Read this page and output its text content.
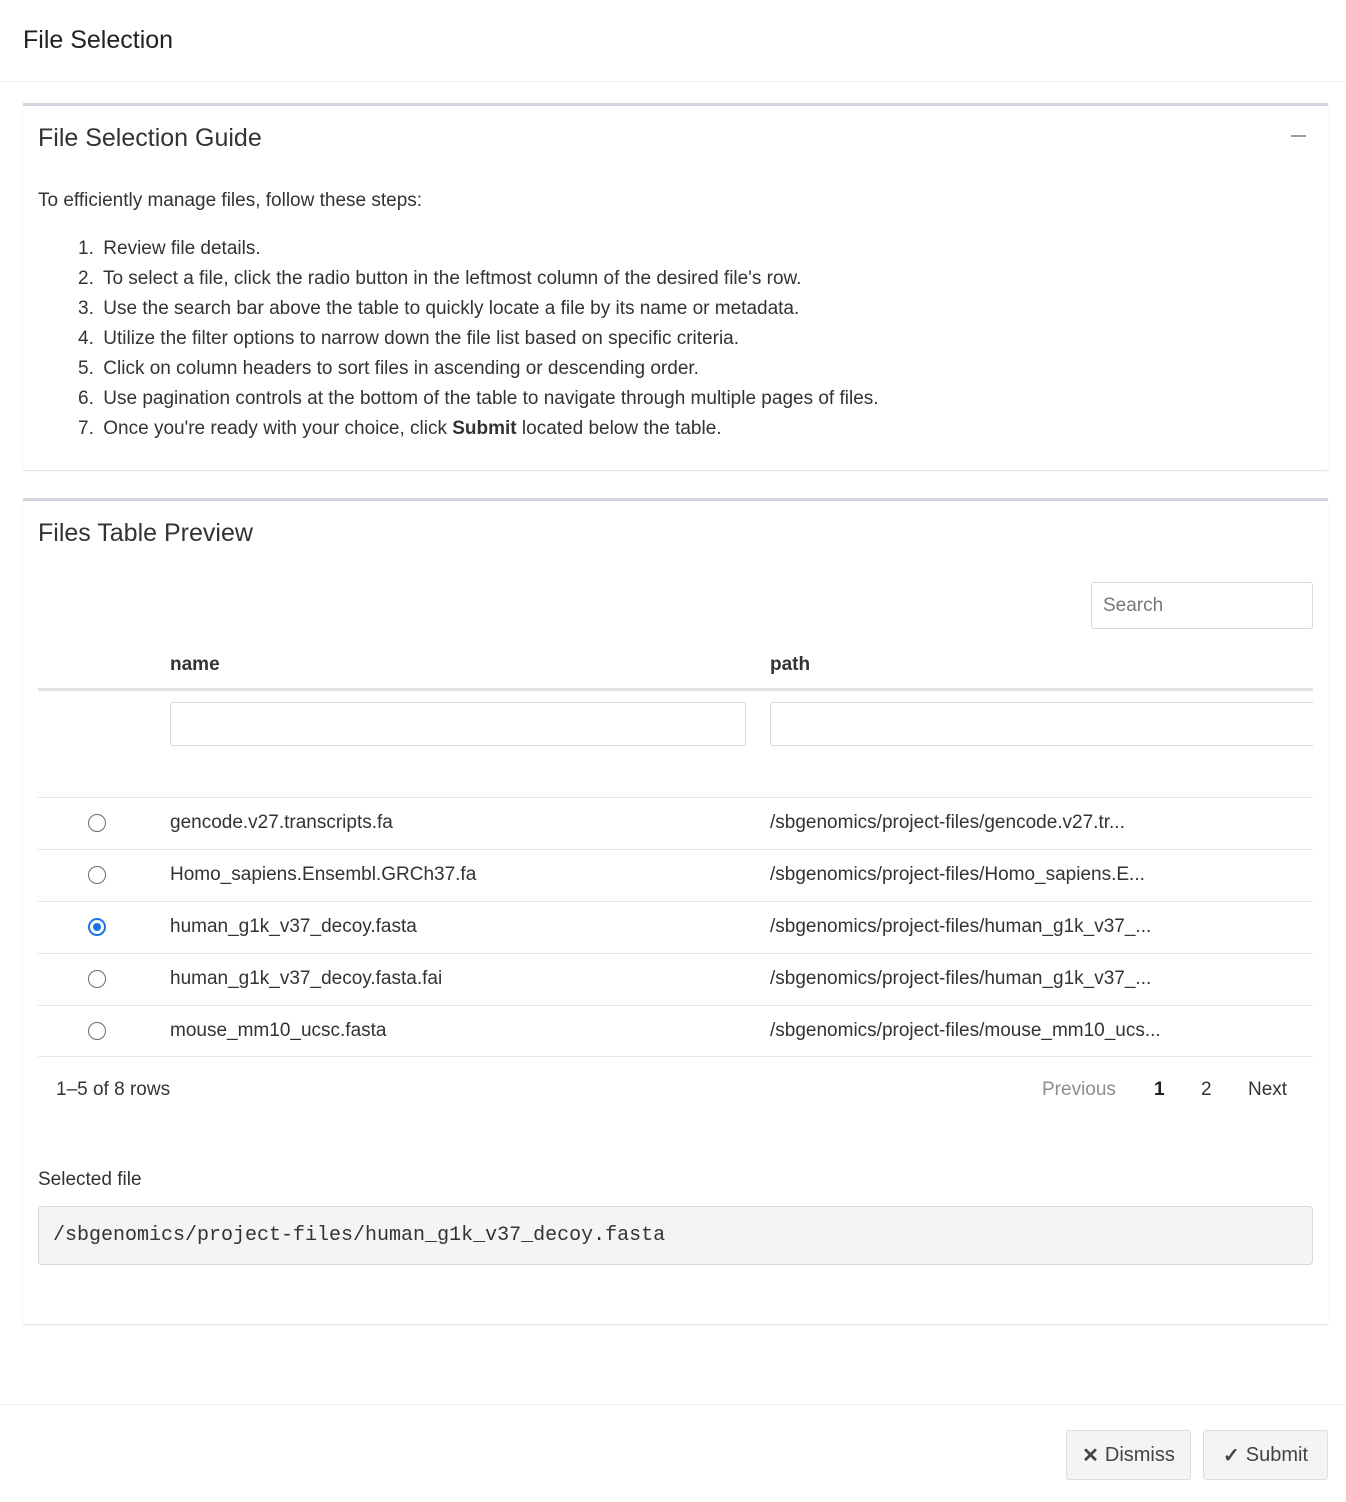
File Selection
File Selection Guide

To efficiently manage files, follow these steps:

1. Review file details.
2. To select a file, click the radio button in the leftmost column of the desired file's row.
3. Use the search bar above the table to quickly locate a file by its name or metadata.
4. Utilize the filter options to narrow down the file list based on specific criteria.
5. Click on column headers to sort files in ascending or descending order.
6. Use pagination controls at the bottom of the table to navigate through multiple pages of files.
7. Once you're ready with your choice, click Submit located below the table.
Files Table Preview
Search
name	path
gencode.v27.transcripts.fa	/sbgenomics/project-files/gencode.v27.tr...
Homo_sapiens.Ensembl.GRCh37.fa	/sbgenomics/project-files/Homo_sapiens.E...
human_g1k_v37_decoy.fasta	/sbgenomics/project-files/human_g1k_v37_...
human_g1k_v37_decoy.fasta.fai	/sbgenomics/project-files/human_g1k_v37_...
mouse_mm10_ucsc.fasta	/sbgenomics/project-files/mouse_mm10_ucs...
1–5 of 8 rows	Previous 1 2 Next
Selected file
/sbgenomics/project-files/human_g1k_v37_decoy.fasta
✕ Dismiss ✓ Submit
